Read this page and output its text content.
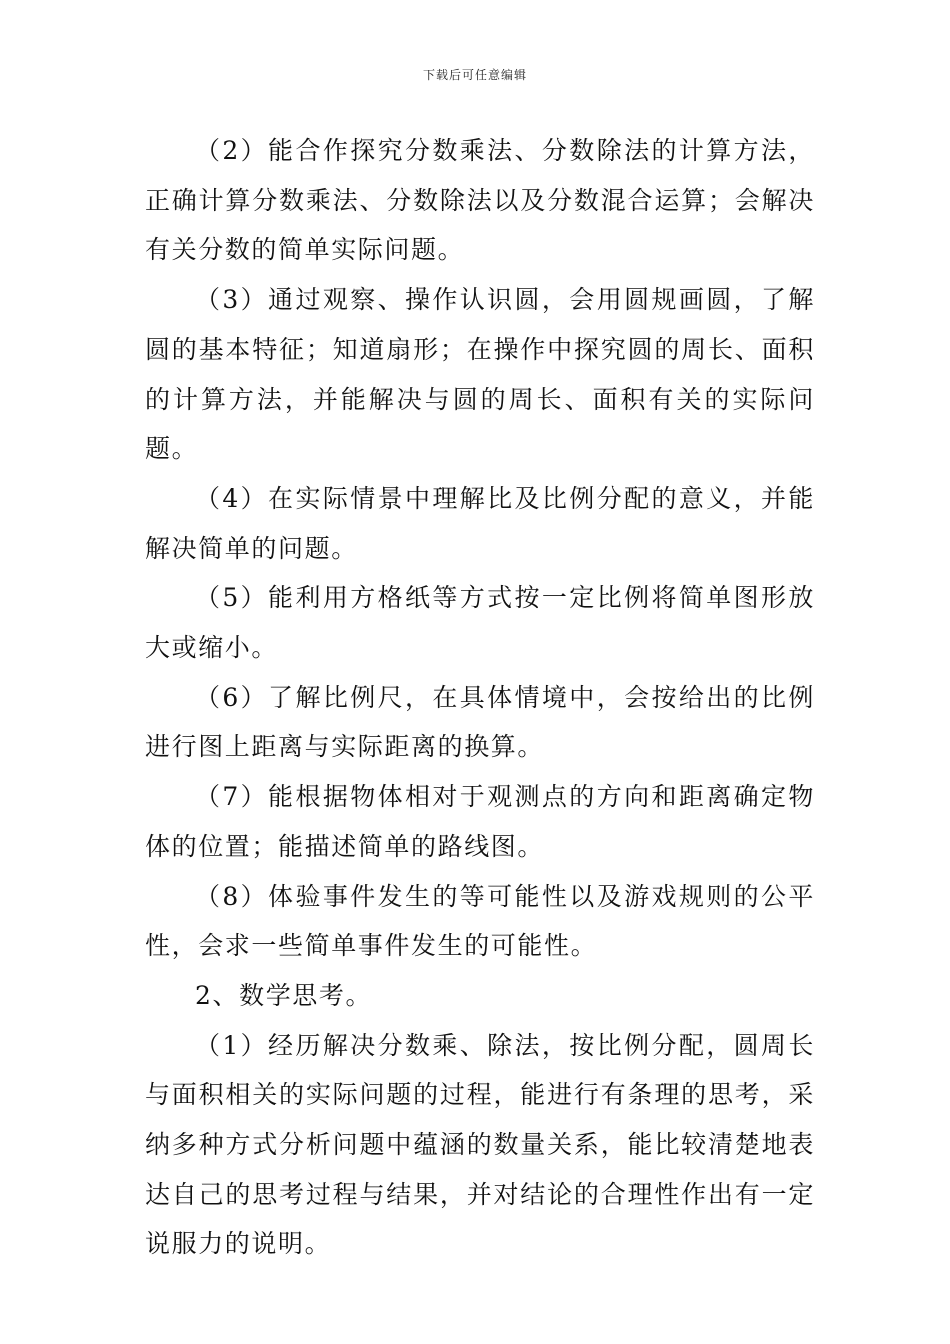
下载后可任意编辑

（2）能合作探究分数乘法、分数除法的计算方法，正确计算分数乘法、分数除法以及分数混合运算；会解决有关分数的简单实际问题。

（3）通过观察、操作认识圆，会用圆规画圆，了解圆的基本特征；知道扇形；在操作中探究圆的周长、面积的计算方法，并能解决与圆的周长、面积有关的实际问题。

（4）在实际情景中理解比及比例分配的意义，并能解决简单的问题。

（5）能利用方格纸等方式按一定比例将简单图形放大或缩小。

（6）了解比例尺，在具体情境中，会按给出的比例进行图上距离与实际距离的换算。

（7）能根据物体相对于观测点的方向和距离确定物体的位置；能描述简单的路线图。

（8）体验事件发生的等可能性以及游戏规则的公平性，会求一些简单事件发生的可能性。

2、数学思考。

（1）经历解决分数乘、除法，按比例分配，圆周长与面积相关的实际问题的过程，能进行有条理的思考，采纳多种方式分析问题中蕴涵的数量关系，能比较清楚地表达自己的思考过程与结果，并对结论的合理性作出有一定说服力的说明。
